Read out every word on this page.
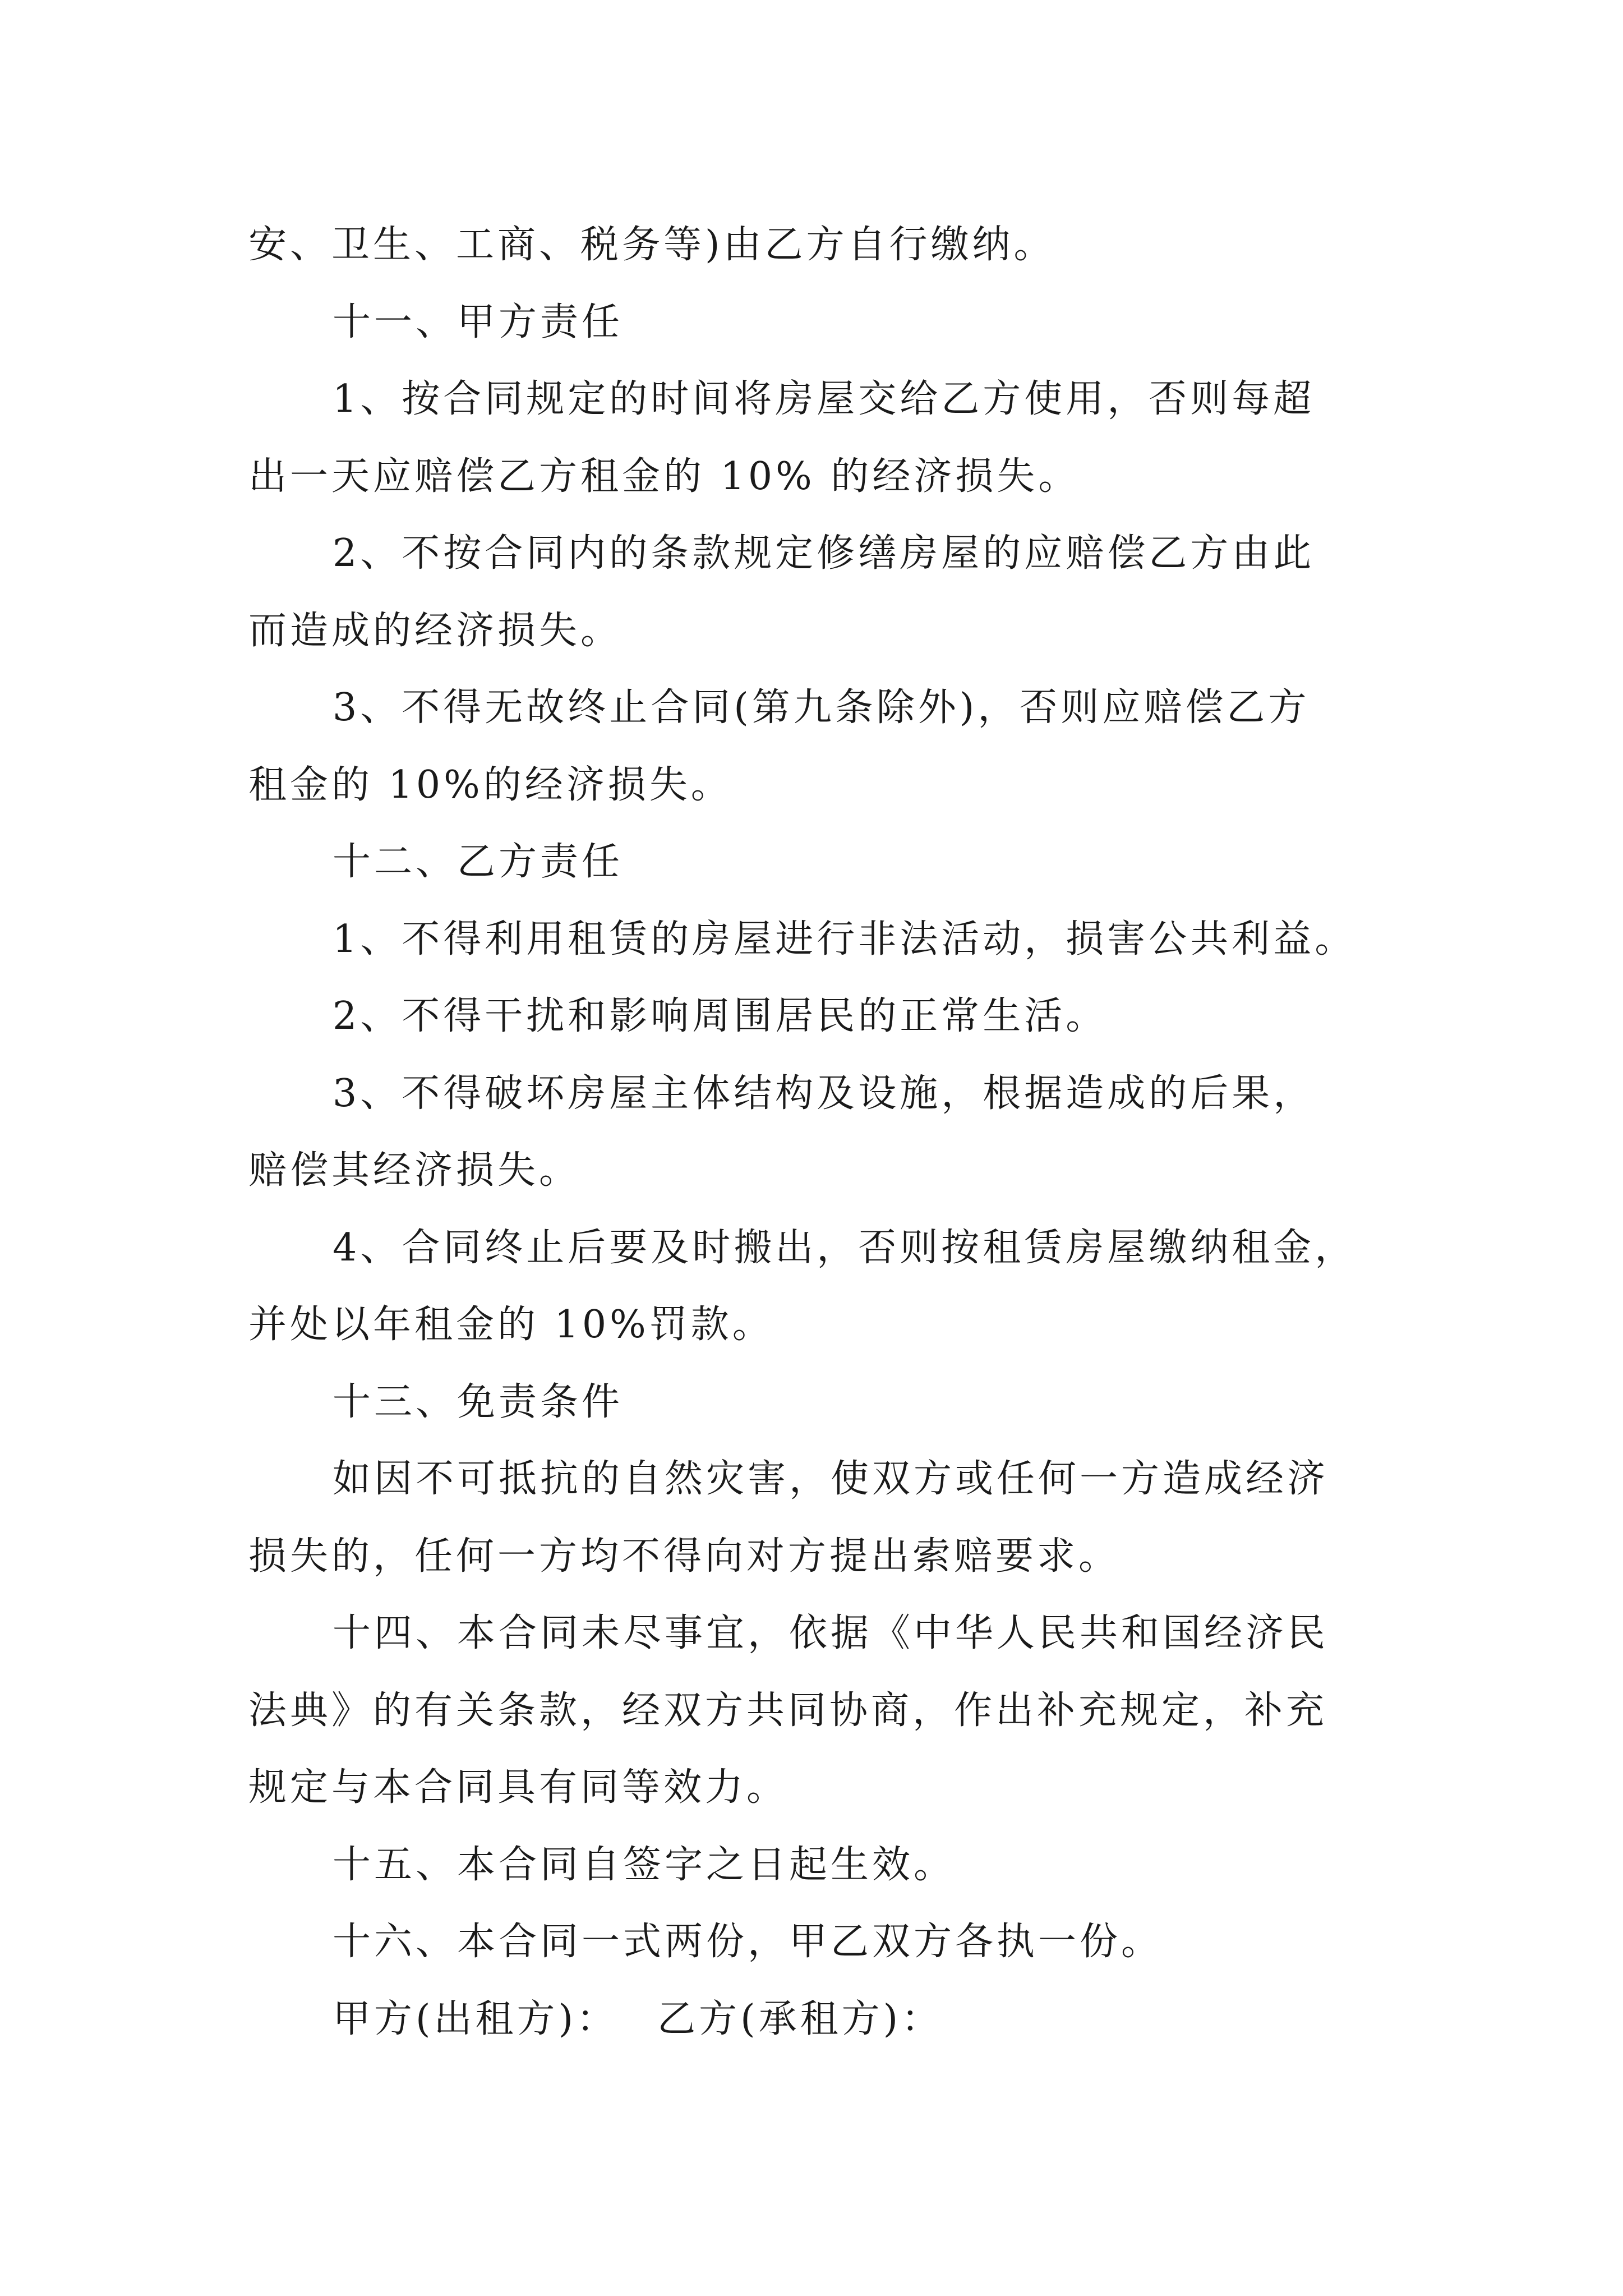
安、卫生、工商、税务等)由乙方自行缴纳。
十一、甲方责任
1、按合同规定的时间将房屋交给乙方使用，否则每超
出一天应赔偿乙方租金的 10% 的经济损失。
2、不按合同内的条款规定修缮房屋的应赔偿乙方由此
而造成的经济损失。
3、不得无故终止合同(第九条除外)，否则应赔偿乙方
租金的 10%的经济损失。
十二、乙方责任
1、不得利用租赁的房屋进行非法活动，损害公共利益。
2、不得干扰和影响周围居民的正常生活。
3、不得破坏房屋主体结构及设施，根据造成的后果，
赔偿其经济损失。
4、合同终止后要及时搬出，否则按租赁房屋缴纳租金，
并处以年租金的 10%罚款。
十三、免责条件
如因不可抵抗的自然灾害，使双方或任何一方造成经济
损失的，任何一方均不得向对方提出索赔要求。
十四、本合同未尽事宜，依据《中华人民共和国经济民
法典》的有关条款，经双方共同协商，作出补充规定，补充
规定与本合同具有同等效力。
十五、本合同自签字之日起生效。
十六、本合同一式两份，甲乙双方各执一份。
甲方(出租方)： 乙方(承租方)：
